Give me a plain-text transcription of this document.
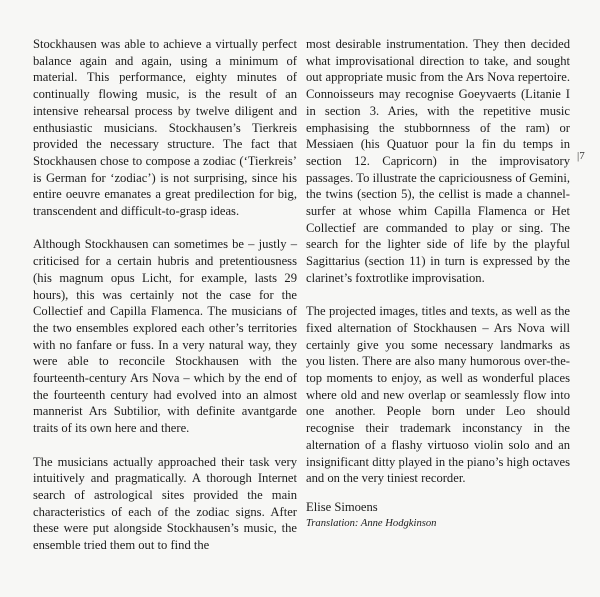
Stockhausen was able to achieve a virtually perfect balance again and again, using a minimum of material. This performance, eighty minutes of continually flowing music, is the result of an intensive rehearsal process by twelve diligent and enthusiastic musicians. Stockhausen’s Tierkreis provided the necessary structure. The fact that Stockhausen chose to compose a zodiac (‘Tierkreis’ is German for ‘zodiac’) is not surprising, since his entire oeuvre emanates a great predilection for big, transcendent and difficult-to-grasp ideas.

Although Stockhausen can sometimes be – justly – criticised for a certain hubris and pretentiousness (his magnum opus Licht, for example, lasts 29 hours), this was certainly not the case for the Collectief and Capilla Flamenca. The musicians of the two ensembles explored each other’s territories with no fanfare or fuss. In a very natural way, they were able to reconcile Stockhausen with the fourteenth-century Ars Nova – which by the end of the fourteenth century had evolved into an almost mannerist Ars Subtilior, with definite avantgarde traits of its own here and there.

The musicians actually approached their task very intuitively and pragmatically. A thorough Internet search of astrological sites provided the main characteristics of each of the zodiac signs. After these were put alongside Stockhausen’s music, the ensemble tried them out to find the

most desirable instrumentation. They then decided what improvisational direction to take, and sought out appropriate music from the Ars Nova repertoire. Connoisseurs may recognise Goeyvaerts (Litanie I in section 3. Aries, with the repetitive music emphasising the stubbornness of the ram) or Messiaen (his Quatuor pour la fin du temps in section 12. Capricorn) in the improvisatory passages. To illustrate the capriciousness of Gemini, the twins (section 5), the cellist is made a channel-surfer at whose whim Capilla Flamenca or Het Collectief are commanded to play or sing. The search for the lighter side of life by the playful Sagittarius (section 11) in turn is expressed by the clarinet’s foxtrotlike improvisation.

The projected images, titles and texts, as well as the fixed alternation of Stockhausen – Ars Nova will certainly give you some necessary landmarks as you listen. There are also many humorous over-the-top moments to enjoy, as well as wonderful places where old and new overlap or seamlessly flow into one another. People born under Leo should recognise their trademark inconstancy in the alternation of a flashy virtuoso violin solo and an insignificant ditty played in the piano’s high octaves and on the very tiniest recorder.

Elise Simoens
Translation: Anne Hodgkinson
|7
